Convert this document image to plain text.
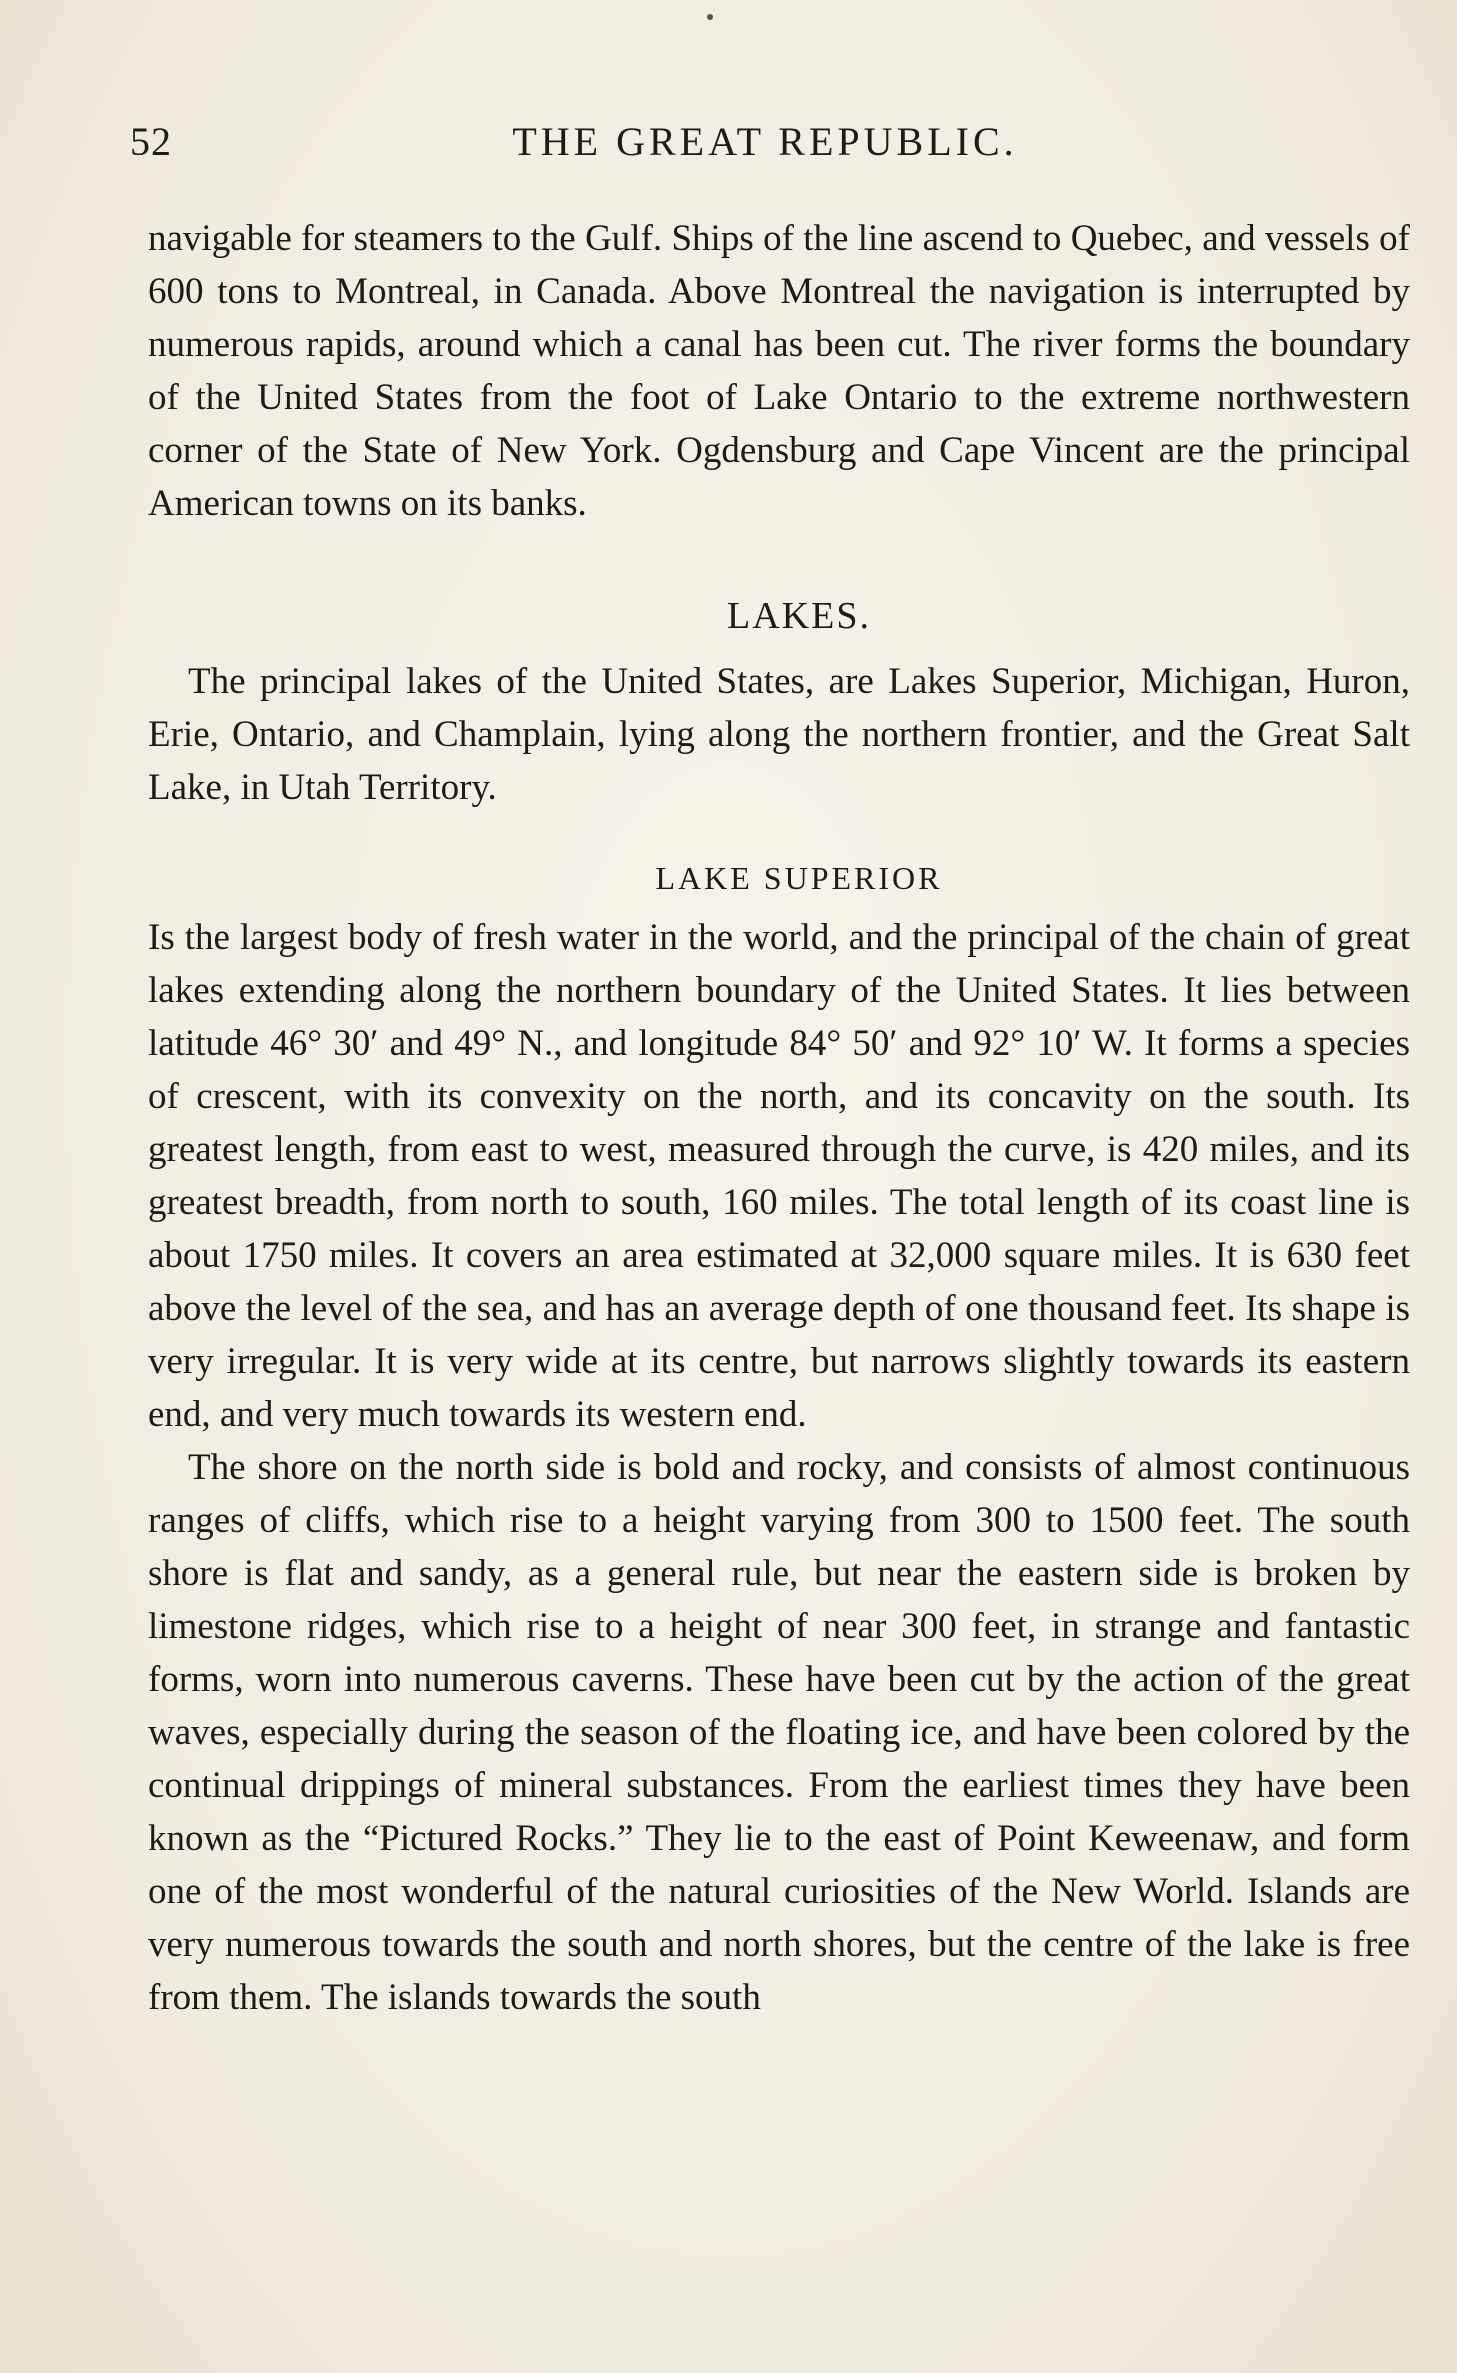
52	THE GREAT REPUBLIC.

navigable for steamers to the Gulf. Ships of the line ascend to Quebec, and vessels of 600 tons to Montreal, in Canada. Above Montreal the navigation is interrupted by numerous rapids, around which a canal has been cut. The river forms the boundary of the United States from the foot of Lake Ontario to the extreme northwestern corner of the State of New York. Ogdensburg and Cape Vincent are the principal American towns on its banks.

LAKES.

The principal lakes of the United States, are Lakes Superior, Michigan, Huron, Erie, Ontario, and Champlain, lying along the northern frontier, and the Great Salt Lake, in Utah Territory.

LAKE SUPERIOR

Is the largest body of fresh water in the world, and the principal of the chain of great lakes extending along the northern boundary of the United States. It lies between latitude 46° 30′ and 49° N., and longitude 84° 50′ and 92° 10′ W. It forms a species of crescent, with its convexity on the north, and its concavity on the south. Its greatest length, from east to west, measured through the curve, is 420 miles, and its greatest breadth, from north to south, 160 miles. The total length of its coast line is about 1750 miles. It covers an area estimated at 32,000 square miles. It is 630 feet above the level of the sea, and has an average depth of one thousand feet. Its shape is very irregular. It is very wide at its centre, but narrows slightly towards its eastern end, and very much towards its western end.

The shore on the north side is bold and rocky, and consists of almost continuous ranges of cliffs, which rise to a height varying from 300 to 1500 feet. The south shore is flat and sandy, as a general rule, but near the eastern side is broken by limestone ridges, which rise to a height of near 300 feet, in strange and fantastic forms, worn into numerous caverns. These have been cut by the action of the great waves, especially during the season of the floating ice, and have been colored by the continual drippings of mineral substances. From the earliest times they have been known as the “Pictured Rocks.” They lie to the east of Point Keweenaw, and form one of the most wonderful of the natural curiosities of the New World. Islands are very numerous towards the south and north shores, but the centre of the lake is free from them. The islands towards the south
